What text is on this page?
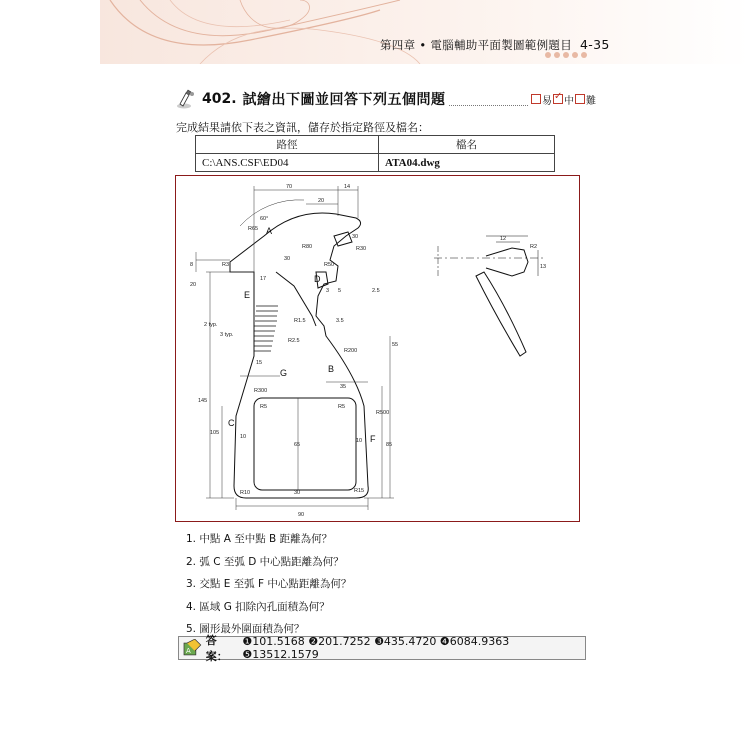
第四章 • 電腦輔助平面製圖範例題目 4-35
402. 試繪出下圖並回答下列五個問題	易 ✓ 中 難
完成結果請依下表之資訊，儲存於指定路徑及檔名：
路徑	檔名
C:\ANS.CSF\ED04	ATA04.dwg
70	14
20
60°
R65
R80
R3
30
R30
30
17
8
20
R50
3 5	2.5
R1.5
R2.5
R200
3.5
2 typ.
3 typ.
15
R300
35
R500
145
105
10
65
10
85
R5
R10
R5
R15
30
90
55
12
13
R2
A
B
C
D
E
F
G
1. 中點 A 至中點 B 距離為何？
2. 弧 C 至弧 D 中心點距離為何？
3. 交點 E 至弧 F 中心點距離為何？
4. 區域 G 扣除內孔面積為何？
5. 圖形最外圍面積為何？
A
答案：
❶101.5168 ❷201.7252 ❸435.4720 ❹6084.9363 ❺13512.1579
